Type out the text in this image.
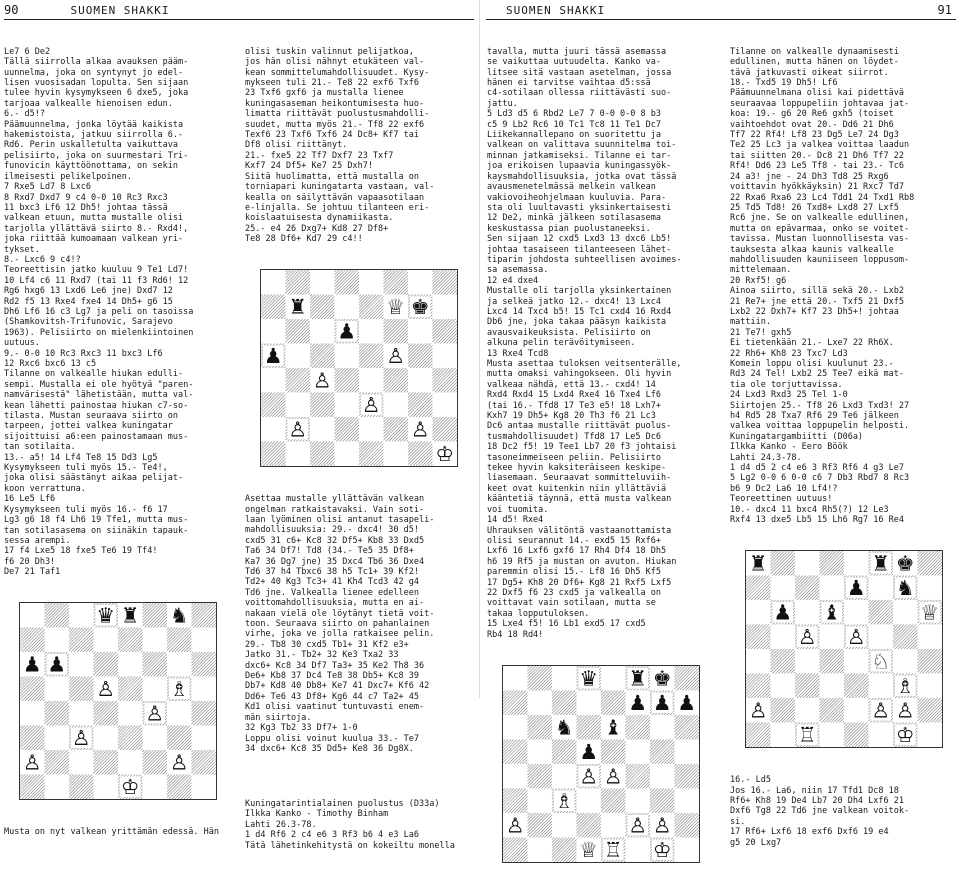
90	SUOMEN SHAKKI	SUOMEN SHAKKI	91

Le7 6 De2
Tällä siirrolla alkaa avauksen pääm-
uunnelma, joka on syntynyt jo edel-
lisen vuosisadan lopulta. Sen sijaan
tulee hyvin kysymykseen 6 dxe5, joka
tarjoaa valkealle hienoisen edun.
6.- d5!?
Päämuunnelma, jonka löytää kaikista
hakemistoista, jatkuu siirrolla 6.-
Rd6. Perin uskalletulta vaikuttava
pelisiirto, joka on suurmestari Tri-
funovicin käyttöönottama, on sekin
ilmeisesti pelikelpoinen.
7 Rxe5 Ld7 8 Lxc6
8 Rxd7 Dxd7 9 c4 0-0 10 Rc3 Rxc3
11 bxc3 Lf6 12 Dh5! johtaa tässä
valkean etuun, mutta mustalle olisi
tarjolla yllättävä siirto 8.- Rxd4!,
joka riittää kumoamaan valkean yri-
tykset.
8.- Lxc6 9 c4!?
Teoreettisin jatko kuuluu 9 Te1 Ld7!
10 Lf4 c6 11 Rxd7 (tai 11 f3 Rd6! 12
Rg6 hxg6 13 Lxd6 Le6 jne) Dxd7 12
Rd2 f5 13 Rxe4 fxe4 14 Dh5+ g6 15
Dh6 Lf6 16 c3 Lg7 ja peli on tasoissa
(Shamkovitsh-Trifunovic, Sarajevo
1963). Pelisiirto on mielenkiintoinen
uutuus.
9.- 0-0 10 Rc3 Rxc3 11 bxc3 Lf6
12 Rxc6 bxc6 13 c5
Tilanne on valkealle hiukan edulli-
sempi. Mustalla ei ole hyötyä "paren-
namvärisestä" lähetistään, mutta val-
kean lähetti painostaa hiukan c7-so-
tilasta. Mustan seuraava siirto on
tarpeen, jottei valkea kuningatar
sijoittuisi a6:een painostamaan mus-
tan sotilaita.
13.- a5! 14 Lf4 Te8 15 Dd3 Lg5
Kysymykseen tuli myös 15.- Te4!,
joka olisi säästänyt aikaa pelijat-
koon verrattuna.
16 Le5 Lf6
Kysymykseen tuli myös 16.- f6 17
Lg3 g6 18 f4 Lh6 19 Tfe1, mutta mus-
tan sotilasasema on siinäkin tapauk-
sessa arempi.
17 f4 Lxe5 18 fxe5 Te6 19 Tf4!
f6 20 Dh3!
De7 21 Taf1

♜ ♞
♛
♟ ♟
♙
♙
♙
♙	♙
♔
♗

Musta on nyt valkean yrittämän edessä. Hän

olisi tuskin valinnut pelijatkoa,
jos hän olisi nähnyt etukäteen val-
kean sommittelumahdollisuudet. Kysy-
mykseen tuli 21.- Te8 22 exf6 Txf6
23 Txf6 gxf6 ja mustalla lienee
kuningasaseman heikontumisesta huo-
limatta riittävät puolustusmahdolli-
suudet, mutta myös 21.- Tf8 22 exf6
Texf6 23 Txf6 Txf6 24 Dc8+ Kf7 tai
Df8 olisi riittänyt.
21.- fxe5 22 Tf7 Dxf7 23 Txf7
Kxf7 24 Df5+ Ke7 25 Dxh7!
Siitä huolimatta, että mustalla on
torniapari kuningatarta vastaan, val-
kealla on säilyttävän vapaasotilaan
e-linjalla. Se johtuu tilanteen eri-
koislaatuisesta dynamiikasta.
25.- e4 26 Dxg7+ Kd8 27 Df8+
Te8 28 Df6+ Kd7 29 c4!!

♜	♚
♟
♟
♙
♙
♙
♙
♔
♕
♙

Asettaa mustalle yllättävän valkean
ongelman ratkaistavaksi. Vain soti-
laan lyöminen olisi antanut tasapeli-
mahdollisuuksia: 29.- dxc4! 30 d5!
cxd5 31 c6+ Kc8 32 Df5+ Kb8 33 Dxd5
Ta6 34 Df7! Td8 (34.- Te5 35 Df8+
Ka7 36 Dg7 jne) 35 Dxc4 Tb6 36 Dxe4
Td6 37 h4 Tbxc6 38 h5 Tc1+ 39 Kf2!
Td2+ 40 Kg3 Tc3+ 41 Kh4 Tcd3 42 g4
Td6 jne. Valkealla lienee edelleen
voittomahdollisuuksia, mutta en ai-
nakaan vielä ole löytänyt tietä voit-
toon. Seuraava siirto on pahanlainen
virhe, joka ve jolla ratkaisee pelin.
29.- Tb8 30 cxd5 Tb1+ 31 Kf2 e3+
Jatko 31.- Tb2+ 32 Ke3 Txa2 33
dxc6+ Kc8 34 Df7 Ta3+ 35 Ke2 Th8 36
De6+ Kb8 37 Dc4 Te8 38 Db5+ Kc8 39
Db7+ Kd8 40 Db8+ Ke7 41 Dxc7+ Kf6 42
Dd6+ Te6 43 Df8+ Kg6 44 c7 Ta2+ 45
Kd1 olisi vaatinut tuntuvasti enem-
män siirtoja.
32 Kg3 Tb2 33 Df7+ 1-0
Loppu olisi voinut kuulua 33.- Te7
34 dxc6+ Kc8 35 Dd5+ Ke8 36 Dg8X.

Kuningatarintialainen puolustus (D33a)
Ilkka Kanko - Timothy Binham
Lahti 26.3-78.
1 d4 Rf6 2 c4 e6 3 Rf3 b6 4 e3 La6
Tätä lähetinkehitystä on kokeiltu monella

tavalla, mutta juuri tässä asemassa
se vaikuttaa uutuudelta. Kanko va-
litsee sitä vastaan asetelman, jossa
hänen ei tarvitse vaihtaa d5:ssä
c4-sotilaan ollessa riittävästi suo-
jattu.
5 Ld3 d5 6 Rbd2 Le7 7 0-0 0-0 8 b3
c5 9 Lb2 Rc6 10 Tc1 Tc8 11 Te1 Dc7
Liikekannallepano on suoritettu ja
valkean on valittava suunnitelma toi-
minnan jatkamiseksi. Tilanne ei tar-
joa erikoisen lupaavia kuningassyök-
kaysmahdollisuuksia, jotka ovat tässä
avausmenetelmässä melkein valkean
vakiovoiheohjelmaan kuuluvia. Para-
sta oli luultavasti yksinkertaisesti
12 De2, minkä jälkeen sotilasasema
keskustassa pian puolustaneeksi.
Sen sijaan 12 cxd5 Lxd3 13 dxc6 Lb5!
johtaa tasaiseen tilanteeseen lähet-
tiparin johdosta suhteellisen avoimes-
sa asemassa.
12 e4 dxe4
Mustalle oli tarjolla yksinkertainen
ja selkeä jatko 12.- dxc4! 13 Lxc4
Lxc4 14 Txc4 b5! 15 Tc1 cxd4 16 Rxd4
Db6 jne, joka takaa pääsyn kaikista
avausvaikeuksista. Pelisiirto on
alkuna pelin terävöitymiseen.
13 Rxe4 Tcd8
Musta asettaa tuloksen veitsenterälle,
mutta omaksi vahingokseen. Oli hyvin
valkeaa nähdä, että 13.- cxd4! 14
Rxd4 Rxd4 15 Lxd4 Rxe4 16 Txe4 Lf6
(tai 16.- Tfd8 17 Te3 e5! 18 Lxh7+
Kxh7 19 Dh5+ Kg8 20 Th3 f6 21 Lc3
Dc6 antaa mustalle riittävät puolus-
tusmahdollisuudet) Tfd8 17 Le5 Dc6
18 Dc2 f5! 19 Tee1 Lb7 20 f3 johtaisi
tasoneimmeiseen peliin. Pelisiirto
tekee hyvin kaksiteräiseen keskipe-
liasemaan. Seuraavat sommitteluviih-
keet ovat kuitenkin niin yllättäviä
kääntetiä täynnä, että musta valkean
voi tuomita.
14 d5! Rxe4
Uhrauksen välitöntä vastaanottamista
olisi seurannut 14.- exd5 15 Rxf6+
Lxf6 16 Lxf6 gxf6 17 Rh4 Df4 18 Dh5
h6 19 Rf5 ja mustan on avuton. Hiukan
paremmin olisi 15.- Lf8 16 Dh5 Kf5
17 Dg5+ Kh8 20 Df6+ Kg8 21 Rxf5 Lxf5
22 Dxf5 f6 23 cxd5 ja valkealla on
voittavat vain sotilaan, mutta se
takaa lopputuloksen.
15 Lxe4 f5! 16 Lb1 exd5 17 cxd5
Rb4 18 Rd4!

♛ ♜ ♚
♟ ♟ ♟
♞ ♝
♟
♙ ♙
♗
♙	♙ ♙
♕	♔
♖

Tilanne on valkealle dynaamisesti
edullinen, mutta hänen on löydet-
tävä jatkuvasti oikeat siirrot.
18.- Txd5 19 Dh5! Lf6
Päämuunnelmana olisi kai pidettävä
seuraavaa loppupeliin johtavaa jat-
koa: 19.- g6 20 Re6 gxh5 (toiset
vaihtoehdot ovat 20.- Dd6 21 Dh6
Tf7 22 Rf4! Lf8 23 Dg5 Le7 24 Dg3
Te2 25 Lc3 ja valkea voittaa laadun
tai siitten 20.- Dc8 21 Dh6 Tf7 22
Rf4! Dd6 23 Le5 Tf8 - tai 23.- Tc6
24 a3! jne - 24 Dh3 Td8 25 Rxg6
voittavin hyökkäyksin) 21 Rxc7 Td7
22 Rxa6 Rxa6 23 Lc4 Tdd1 24 Txd1 Rb8
25 Td5 Td8! 26 Txd8+ Lxd8 27 Lxf5
Rc6 jne. Se on valkealle edullinen,
mutta on epävarmaa, onko se voitet-
tavissa. Mustan luonnollisesta vas-
tauksesta alkaa kaunis valkealle
mahdollisuuden kauniiseen loppusom-
mittelemaan.
20 Rxf5! g6
Ainoa siirto, sillä sekä 20.- Lxb2
21 Re7+ jne että 20.- Txf5 21 Dxf5
Lxb2 22 Dxh7+ Kf7 23 Dh5+! johtaa
mattiin.
21 Te7! gxh5
Ei tietenkään 21.- Lxe7 22 Rh6X.
22 Rh6+ Kh8 23 Txc7 Ld3
Komein loppu olisi kuulunut 23.-
Rd3 24 Tel! Lxb2 25 Tee7 eikä mat-
tia ole torjuttavissa.
24 Lxd3 Rxd3 25 Tel 1-0
Siirtojen 25.- Tf8 26 Lxd3 Txd3! 27
h4 Rd5 28 Txa7 Rf6 29 Te6 jälkeen
valkea voittaa loppupelin helposti.
Kuningatargambiitti (D06a)
Ilkka Kanko - Eero Böök
Lahti 24.3-78.
1 d4 d5 2 c4 e6 3 Rf3 Rf6 4 g3 Le7
5 Lg2 0-0 6 0-0 c6 7 Db3 Rbd7 8 Rc3
b6 9 Dc2 La6 10 Lf4!?
Teoreettinen uutuus!
10.- dxc4 11 bxc4 Rh5(?) 12 Le3
Rxf4 13 dxe5 Lb5 15 Lh6 Rg7 16 Re4

♜	♜ ♚
♟ ♞
♟ ♝
♙ ♙
♘
♗
♙	♙ ♙
♖	♔
♕

16.- Ld5
Jos 16.- La6, niin 17 Tfd1 Dc8 18
Rf6+ Kh8 19 De4 Lb7 20 Dh4 Lxf6 21
Dxf6 Tg8 22 Td6 jne valkean voitok-
si.
17 Rf6+ Lxf6 18 exf6 Dxf6 19 e4
g5 20 Lxg7
